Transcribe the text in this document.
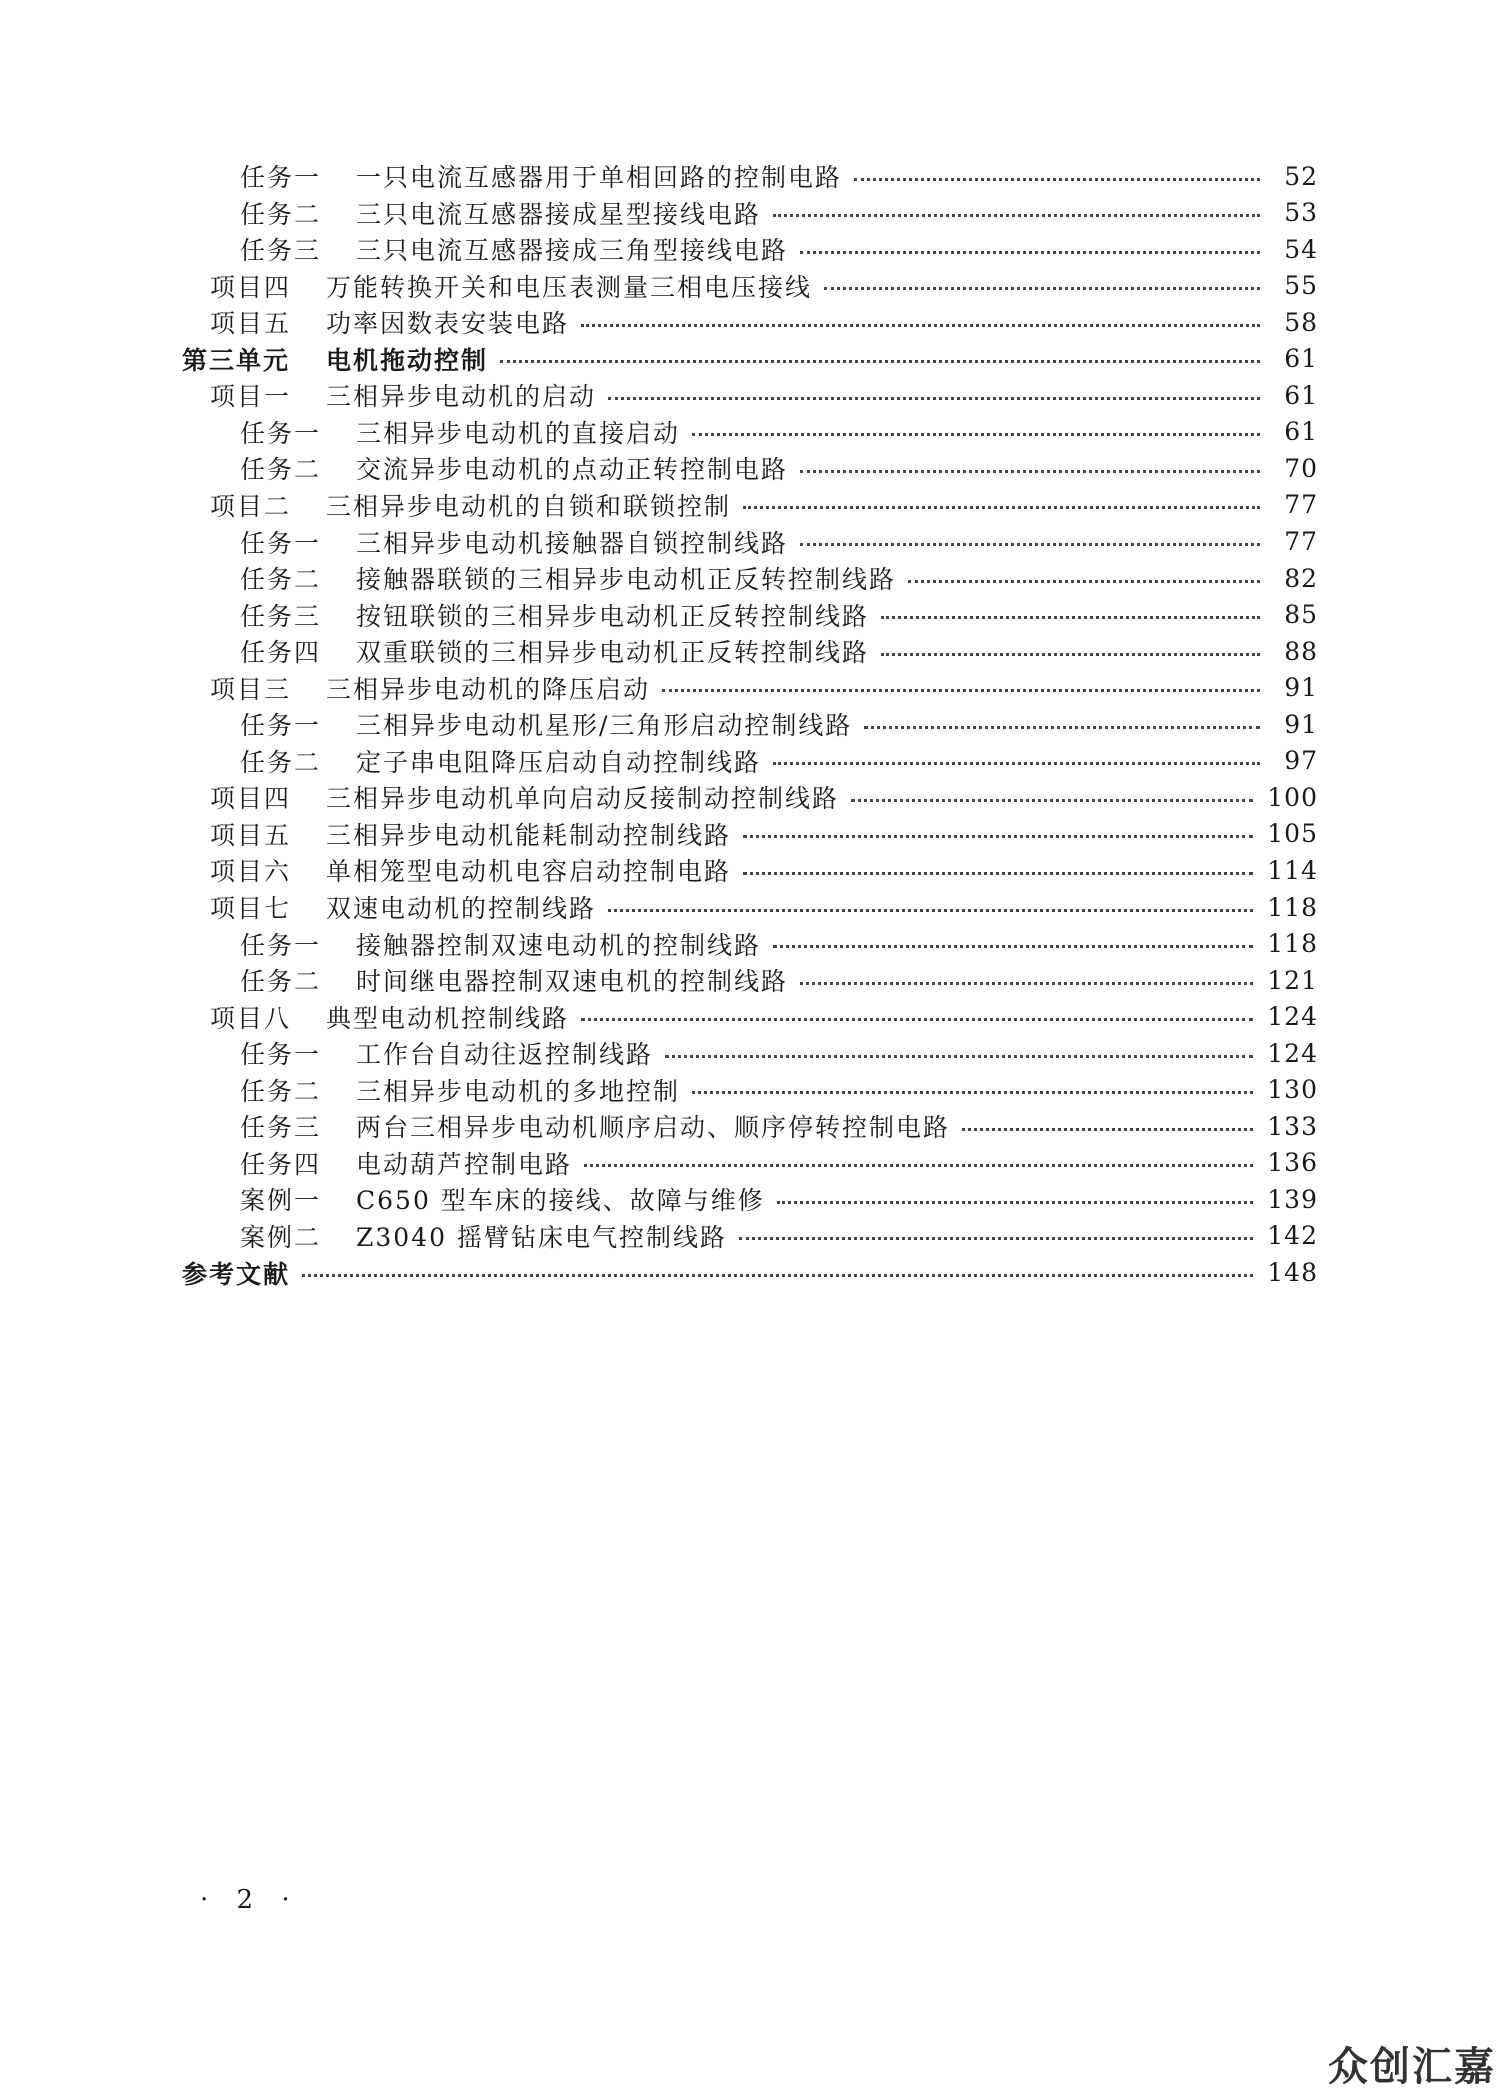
任务一	一只电流互感器用于单相回路的控制电路	52
任务二	三只电流互感器接成星型接线电路	53
任务三	三只电流互感器接成三角型接线电路	54
项目四	万能转换开关和电压表测量三相电压接线	55
项目五	功率因数表安装电路	58
第三单元	电机拖动控制	61
项目一	三相异步电动机的启动	61
任务一	三相异步电动机的直接启动	61
任务二	交流异步电动机的点动正转控制电路	70
项目二	三相异步电动机的自锁和联锁控制	77
任务一	三相异步电动机接触器自锁控制线路	77
任务二	接触器联锁的三相异步电动机正反转控制线路	82
任务三	按钮联锁的三相异步电动机正反转控制线路	85
任务四	双重联锁的三相异步电动机正反转控制线路	88
项目三	三相异步电动机的降压启动	91
任务一	三相异步电动机星形/三角形启动控制线路	91
任务二	定子串电阻降压启动自动控制线路	97
项目四	三相异步电动机单向启动反接制动控制线路	100
项目五	三相异步电动机能耗制动控制线路	105
项目六	单相笼型电动机电容启动控制电路	114
项目七	双速电动机的控制线路	118
任务一	接触器控制双速电动机的控制线路	118
任务二	时间继电器控制双速电机的控制线路	121
项目八	典型电动机控制线路	124
任务一	工作台自动往返控制线路	124
任务二	三相异步电动机的多地控制	130
任务三	两台三相异步电动机顺序启动、顺序停转控制电路	133
任务四	电动葫芦控制电路	136
案例一	C650 型车床的接线、故障与维修	139
案例二	Z3040 摇臂钻床电气控制线路	142
参考文献	148
· 2 ·
众创汇嘉
